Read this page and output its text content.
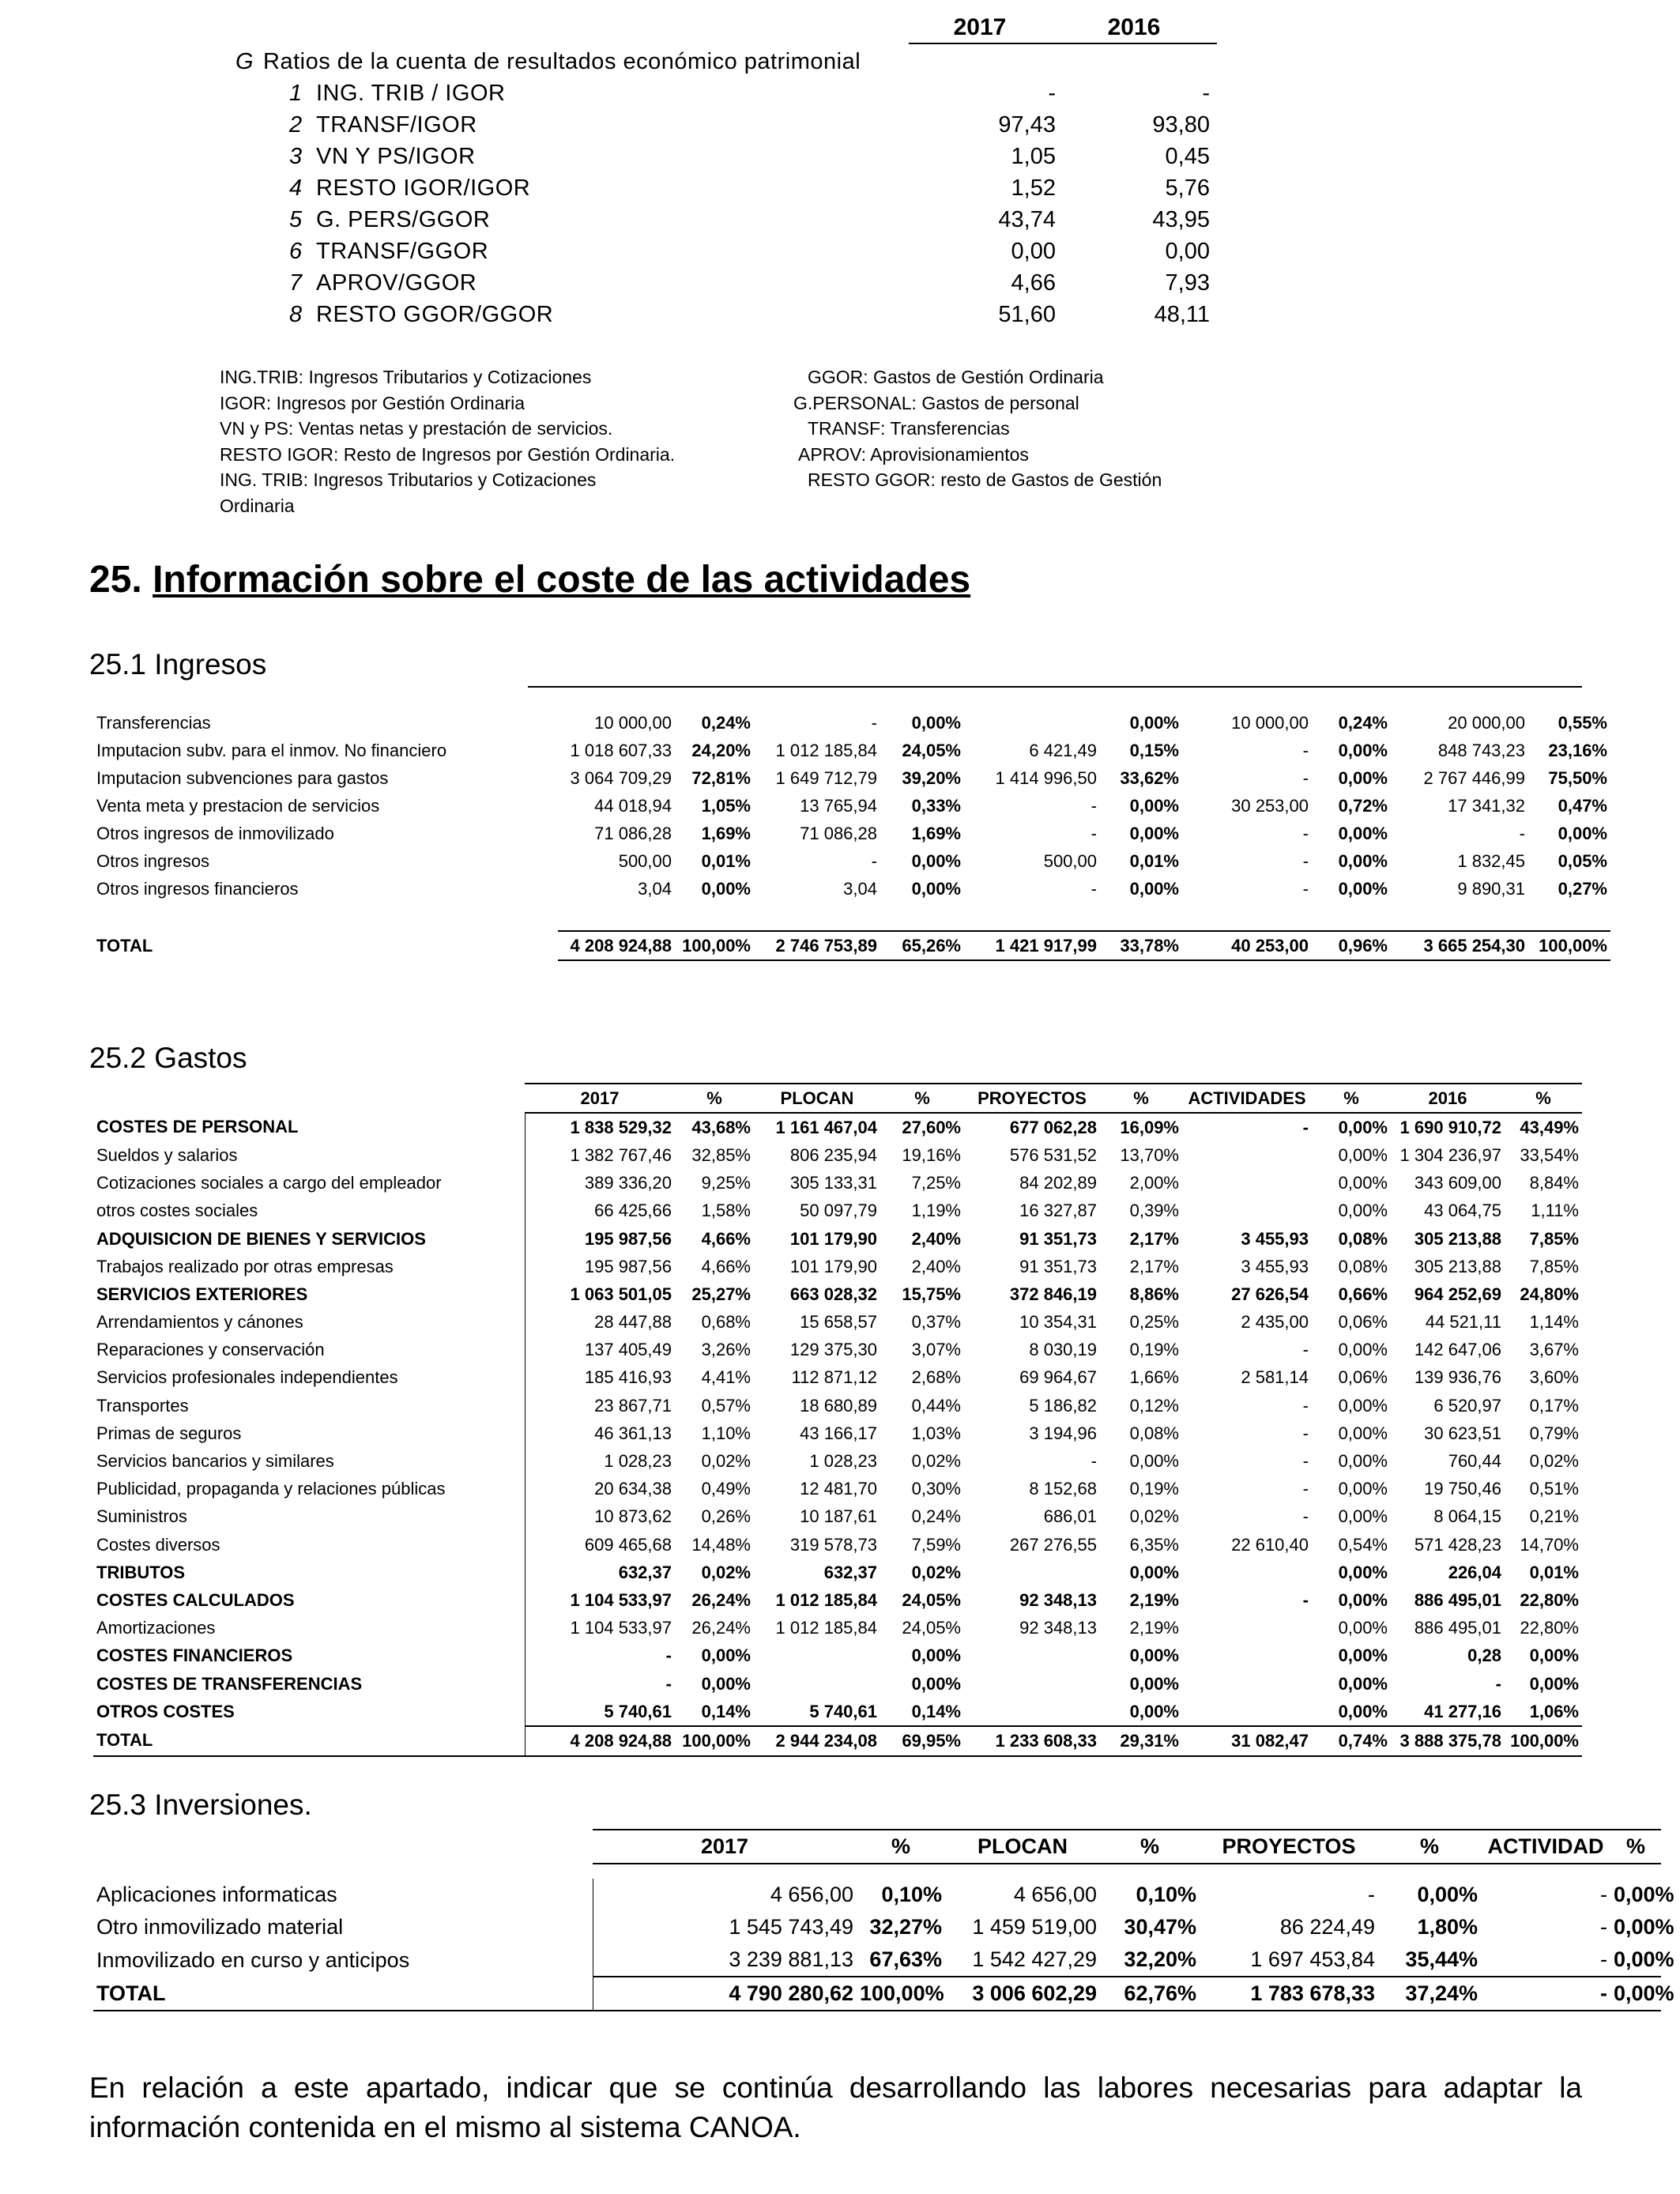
2017	2016
G Ratios de la cuenta de resultados económico patrimonial
1 ING. TRIB / IGOR	-	-
2 TRANSF/IGOR	97,43	93,80
3 VN Y PS/IGOR	1,05	0,45
4 RESTO IGOR/IGOR	1,52	5,76
5 G. PERS/GGOR	43,74	43,95
6 TRANSF/GGOR	0,00	0,00
7 APROV/GGOR	4,66	7,93
8 RESTO GGOR/GGOR	51,60	48,11
ING.TRIB: Ingresos Tributarios y Cotizaciones
IGOR: Ingresos por Gestión Ordinaria
VN y PS: Ventas netas y prestación de servicios.
RESTO IGOR: Resto de Ingresos por Gestión Ordinaria.
ING. TRIB: Ingresos Tributarios y Cotizaciones
Ordinaria
GGOR: Gastos de Gestión Ordinaria
G.PERSONAL: Gastos de personal
TRANSF: Transferencias
APROV: Aprovisionamientos
RESTO GGOR: resto de Gastos de Gestión
25. Información sobre el coste de las actividades
25.1 Ingresos
Transferencias	10 000,00	0,24%	-	0,00%		0,00%	10 000,00	0,24%	20 000,00	0,55%
Imputacion subv. para el inmov. No financiero	1 018 607,33	24,20%	1 012 185,84	24,05%	6 421,49	0,15%	-	0,00%	848 743,23	23,16%
Imputacion subvenciones para gastos	3 064 709,29	72,81%	1 649 712,79	39,20%	1 414 996,50	33,62%	-	0,00%	2 767 446,99	75,50%
Venta meta y prestacion de servicios	44 018,94	1,05%	13 765,94	0,33%	-	0,00%	30 253,00	0,72%	17 341,32	0,47%
Otros ingresos de inmovilizado	71 086,28	1,69%	71 086,28	1,69%	-	0,00%	-	0,00%	-	0,00%
Otros ingresos	500,00	0,01%	-	0,00%	500,00	0,01%	-	0,00%	1 832,45	0,05%
Otros ingresos financieros	3,04	0,00%	3,04	0,00%	-	0,00%	-	0,00%	9 890,31	0,27%

TOTAL	4 208 924,88	100,00%	2 746 753,89	65,26%	1 421 917,99	33,78%	40 253,00	0,96%	3 665 254,30	100,00%
25.2 Gastos
	2017	%	PLOCAN	%	PROYECTOS	%	ACTIVIDADES	%	2016	%
COSTES DE PERSONAL	1 838 529,32	43,68%	1 161 467,04	27,60%	677 062,28	16,09%	-	0,00%	1 690 910,72	43,49%
Sueldos y salarios	1 382 767,46	32,85%	806 235,94	19,16%	576 531,52	13,70%		0,00%	1 304 236,97	33,54%
Cotizaciones sociales a cargo del empleador	389 336,20	9,25%	305 133,31	7,25%	84 202,89	2,00%		0,00%	343 609,00	8,84%
otros costes sociales	66 425,66	1,58%	50 097,79	1,19%	16 327,87	0,39%		0,00%	43 064,75	1,11%
ADQUISICION DE BIENES Y SERVICIOS	195 987,56	4,66%	101 179,90	2,40%	91 351,73	2,17%	3 455,93	0,08%	305 213,88	7,85%
Trabajos realizado por otras empresas	195 987,56	4,66%	101 179,90	2,40%	91 351,73	2,17%	3 455,93	0,08%	305 213,88	7,85%
SERVICIOS EXTERIORES	1 063 501,05	25,27%	663 028,32	15,75%	372 846,19	8,86%	27 626,54	0,66%	964 252,69	24,80%
Arrendamientos y cánones	28 447,88	0,68%	15 658,57	0,37%	10 354,31	0,25%	2 435,00	0,06%	44 521,11	1,14%
Reparaciones y conservación	137 405,49	3,26%	129 375,30	3,07%	8 030,19	0,19%	-	0,00%	142 647,06	3,67%
Servicios profesionales independientes	185 416,93	4,41%	112 871,12	2,68%	69 964,67	1,66%	2 581,14	0,06%	139 936,76	3,60%
Transportes	23 867,71	0,57%	18 680,89	0,44%	5 186,82	0,12%	-	0,00%	6 520,97	0,17%
Primas de seguros	46 361,13	1,10%	43 166,17	1,03%	3 194,96	0,08%	-	0,00%	30 623,51	0,79%
Servicios bancarios y similares	1 028,23	0,02%	1 028,23	0,02%	-	0,00%	-	0,00%	760,44	0,02%
Publicidad, propaganda y relaciones públicas	20 634,38	0,49%	12 481,70	0,30%	8 152,68	0,19%	-	0,00%	19 750,46	0,51%
Suministros	10 873,62	0,26%	10 187,61	0,24%	686,01	0,02%	-	0,00%	8 064,15	0,21%
Costes diversos	609 465,68	14,48%	319 578,73	7,59%	267 276,55	6,35%	22 610,40	0,54%	571 428,23	14,70%
TRIBUTOS	632,37	0,02%	632,37	0,02%		0,00%		0,00%	226,04	0,01%
COSTES CALCULADOS	1 104 533,97	26,24%	1 012 185,84	24,05%	92 348,13	2,19%	-	0,00%	886 495,01	22,80%
Amortizaciones	1 104 533,97	26,24%	1 012 185,84	24,05%	92 348,13	2,19%		0,00%	886 495,01	22,80%
COSTES FINANCIEROS	-	0,00%		0,00%		0,00%		0,00%	0,28	0,00%
COSTES DE TRANSFERENCIAS	-	0,00%		0,00%		0,00%		0,00%	-	0,00%
OTROS COSTES	5 740,61	0,14%	5 740,61	0,14%		0,00%		0,00%	41 277,16	1,06%
TOTAL	4 208 924,88	100,00%	2 944 234,08	69,95%	1 233 608,33	29,31%	31 082,47	0,74%	3 888 375,78	100,00%
25.3 Inversiones.
	2017	%	PLOCAN	%	PROYECTOS	%	ACTIVIDAD	%

Aplicaciones informaticas	4 656,00	0,10%	4 656,00	0,10%	-	0,00%	-	0,00%
Otro inmovilizado material	1 545 743,49	32,27%	1 459 519,00	30,47%	86 224,49	1,80%	-	0,00%
Inmovilizado en curso y anticipos	3 239 881,13	67,63%	1 542 427,29	32,20%	1 697 453,84	35,44%	-	0,00%
TOTAL	4 790 280,62	100,00%	3 006 602,29	62,76%	1 783 678,33	37,24%	-	0,00%
En relación a este apartado, indicar que se continúa desarrollando las labores necesarias para adaptar la información contenida en el mismo al sistema CANOA.
